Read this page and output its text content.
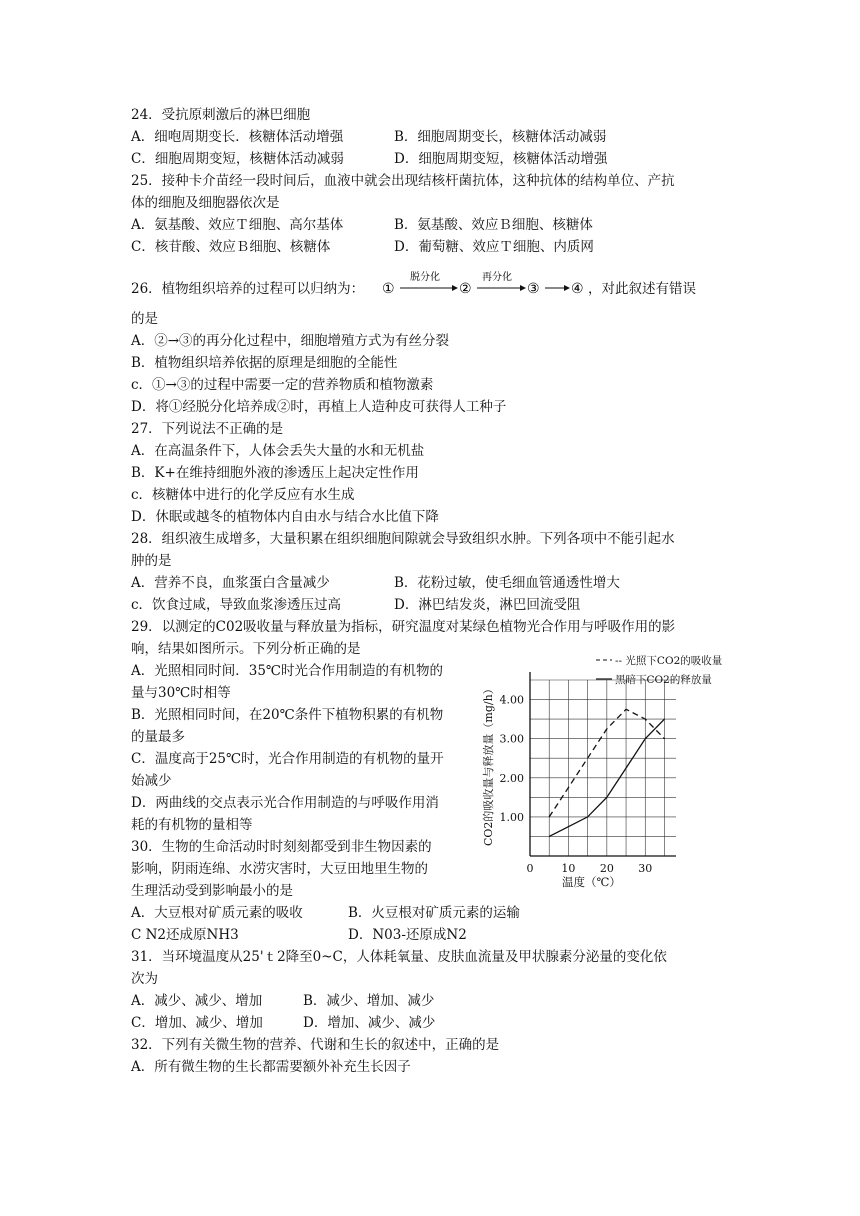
24．受抗原刺激后的淋巴细胞
A．细咆周期变长．核糖体活动增强	B．细胞周期变长，核糖体活动减弱
C．细胞周期变短，核糖体活动减弱	D．细胞周期变短，核糖体活动增强
25．接种卡介苗经一段时间后，血液中就会出现结核杆菌抗体，这种抗体的结构单位、产抗
体的细胞及细胞器依次是
A．氨基酸、效应Ｔ细胞、高尔基体	B．氨基酸、效应Ｂ细胞、核糖体
C．核苷酸、效应Ｂ细胞、核糖体	D．葡萄糖、效应Ｔ细胞、内质网
26．植物组织培养的过程可以归纳为： ①
脱分化
②
再分化
③ ④ ，对此叙述有错误
的是
A．②→③的再分化过程中，细胞增殖方式为有丝分裂
B．植物组织培养依据的原理是细胞的全能性
c．①→③的过程中需要一定的营养物质和植物激素
D．将①经脱分化培养成②时，再植上人造种皮可获得人工种子
27．下列说法不正确的是
A．在高温条件下，人体会丢失大量的水和无机盐
B．K+在维持细胞外液的渗透压上起决定性作用
c．核糖体中进行的化学反应有水生成
D．休眠或越冬的植物体内自由水与结合水比值下降
28．组织液生成增多，大量积累在组织细胞间隙就会导致组织水肿。下列各项中不能引起水
肿的是
A．营养不良，血浆蛋白含量减少	B．花粉过敏，使毛细血管通透性增大
c．饮食过咸，导致血浆渗透压过高	D．淋巴结发炎，淋巴回流受阻
29．以测定的C02吸收量与释放量为指标，研究温度对某绿色植物光合作用与呼吸作用的影
响，结果如图所示。下列分析正确的是
A．光照相同时间．35℃时光合作用制造的有机物的
量与30℃时相等
B．光照相同时间，在20℃条件下植物积累的有机物
的量最多
C．温度高于25℃时，光合作用制造的有机物的量开
始减少
D．两曲线的交点表示光合作用制造的与呼吸作用消
耗的有机物的量相等
30．生物的生命活动时时刻刻都受到非生物因素的
影响，阴雨连绵、水涝灾害时，大豆田地里生物的
生理活动受到影响最小的是
A．大豆根对矿质元素的吸收	B．火豆根对矿质元素的运输
C N2还成原NH3	D．N03-还原成N2
31．当环境温度从25'ｔ2降至0~C，人体耗氧量、皮肤血流量及甲状腺素分泌量的变化依
次为
A．减少、减少、增加	B．减少、增加、减少
C．增加、减少、增加	D．增加、减少、减少
32．下列有关微生物的营养、代谢和生长的叙述中，正确的是
A．所有微生物的生长都需要额外补充生长因子
1.00
2.00
3.00
4.00
0	10 20 30
-- 光照下CO2的吸收量
黑暗下CO2的释放量
CO2的吸收量与释放量（mg/h）
温度（℃）
